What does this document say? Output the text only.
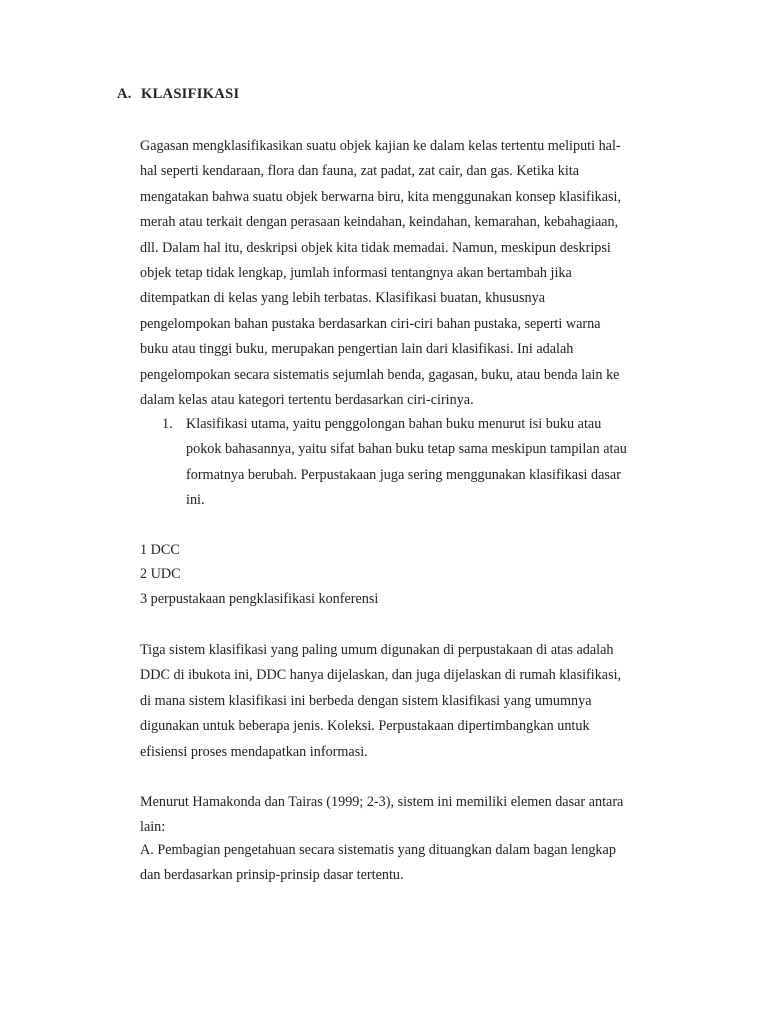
A. KLASIFIKASI
Gagasan mengklasifikasikan suatu objek kajian ke dalam kelas tertentu meliputi hal-
hal seperti kendaraan, flora dan fauna, zat padat, zat cair, dan gas. Ketika kita
mengatakan bahwa suatu objek berwarna biru, kita menggunakan konsep klasifikasi,
merah atau terkait dengan perasaan keindahan, keindahan, kemarahan, kebahagiaan,
dll. Dalam hal itu, deskripsi objek kita tidak memadai. Namun, meskipun deskripsi
objek tetap tidak lengkap, jumlah informasi tentangnya akan bertambah jika
ditempatkan di kelas yang lebih terbatas. Klasifikasi buatan, khususnya
pengelompokan bahan pustaka berdasarkan ciri-ciri bahan pustaka, seperti warna
buku atau tinggi buku, merupakan pengertian lain dari klasifikasi. Ini adalah
pengelompokan secara sistematis sejumlah benda, gagasan, buku, atau benda lain ke
dalam kelas atau kategori tertentu berdasarkan ciri-cirinya.
1. Klasifikasi utama, yaitu penggolongan bahan buku menurut isi buku atau
pokok bahasannya, yaitu sifat bahan buku tetap sama meskipun tampilan atau
formatnya berubah. Perpustakaan juga sering menggunakan klasifikasi dasar
ini.
1 DCC
2 UDC
3 perpustakaan pengklasifikasi konferensi
Tiga sistem klasifikasi yang paling umum digunakan di perpustakaan di atas adalah
DDC di ibukota ini, DDC hanya dijelaskan, dan juga dijelaskan di rumah klasifikasi,
di mana sistem klasifikasi ini berbeda dengan sistem klasifikasi yang umumnya
digunakan untuk beberapa jenis. Koleksi. Perpustakaan dipertimbangkan untuk
efisiensi proses mendapatkan informasi.
Menurut Hamakonda dan Tairas (1999; 2-3), sistem ini memiliki elemen dasar antara
lain:
A. Pembagian pengetahuan secara sistematis yang dituangkan dalam bagan lengkap
dan berdasarkan prinsip-prinsip dasar tertentu.
